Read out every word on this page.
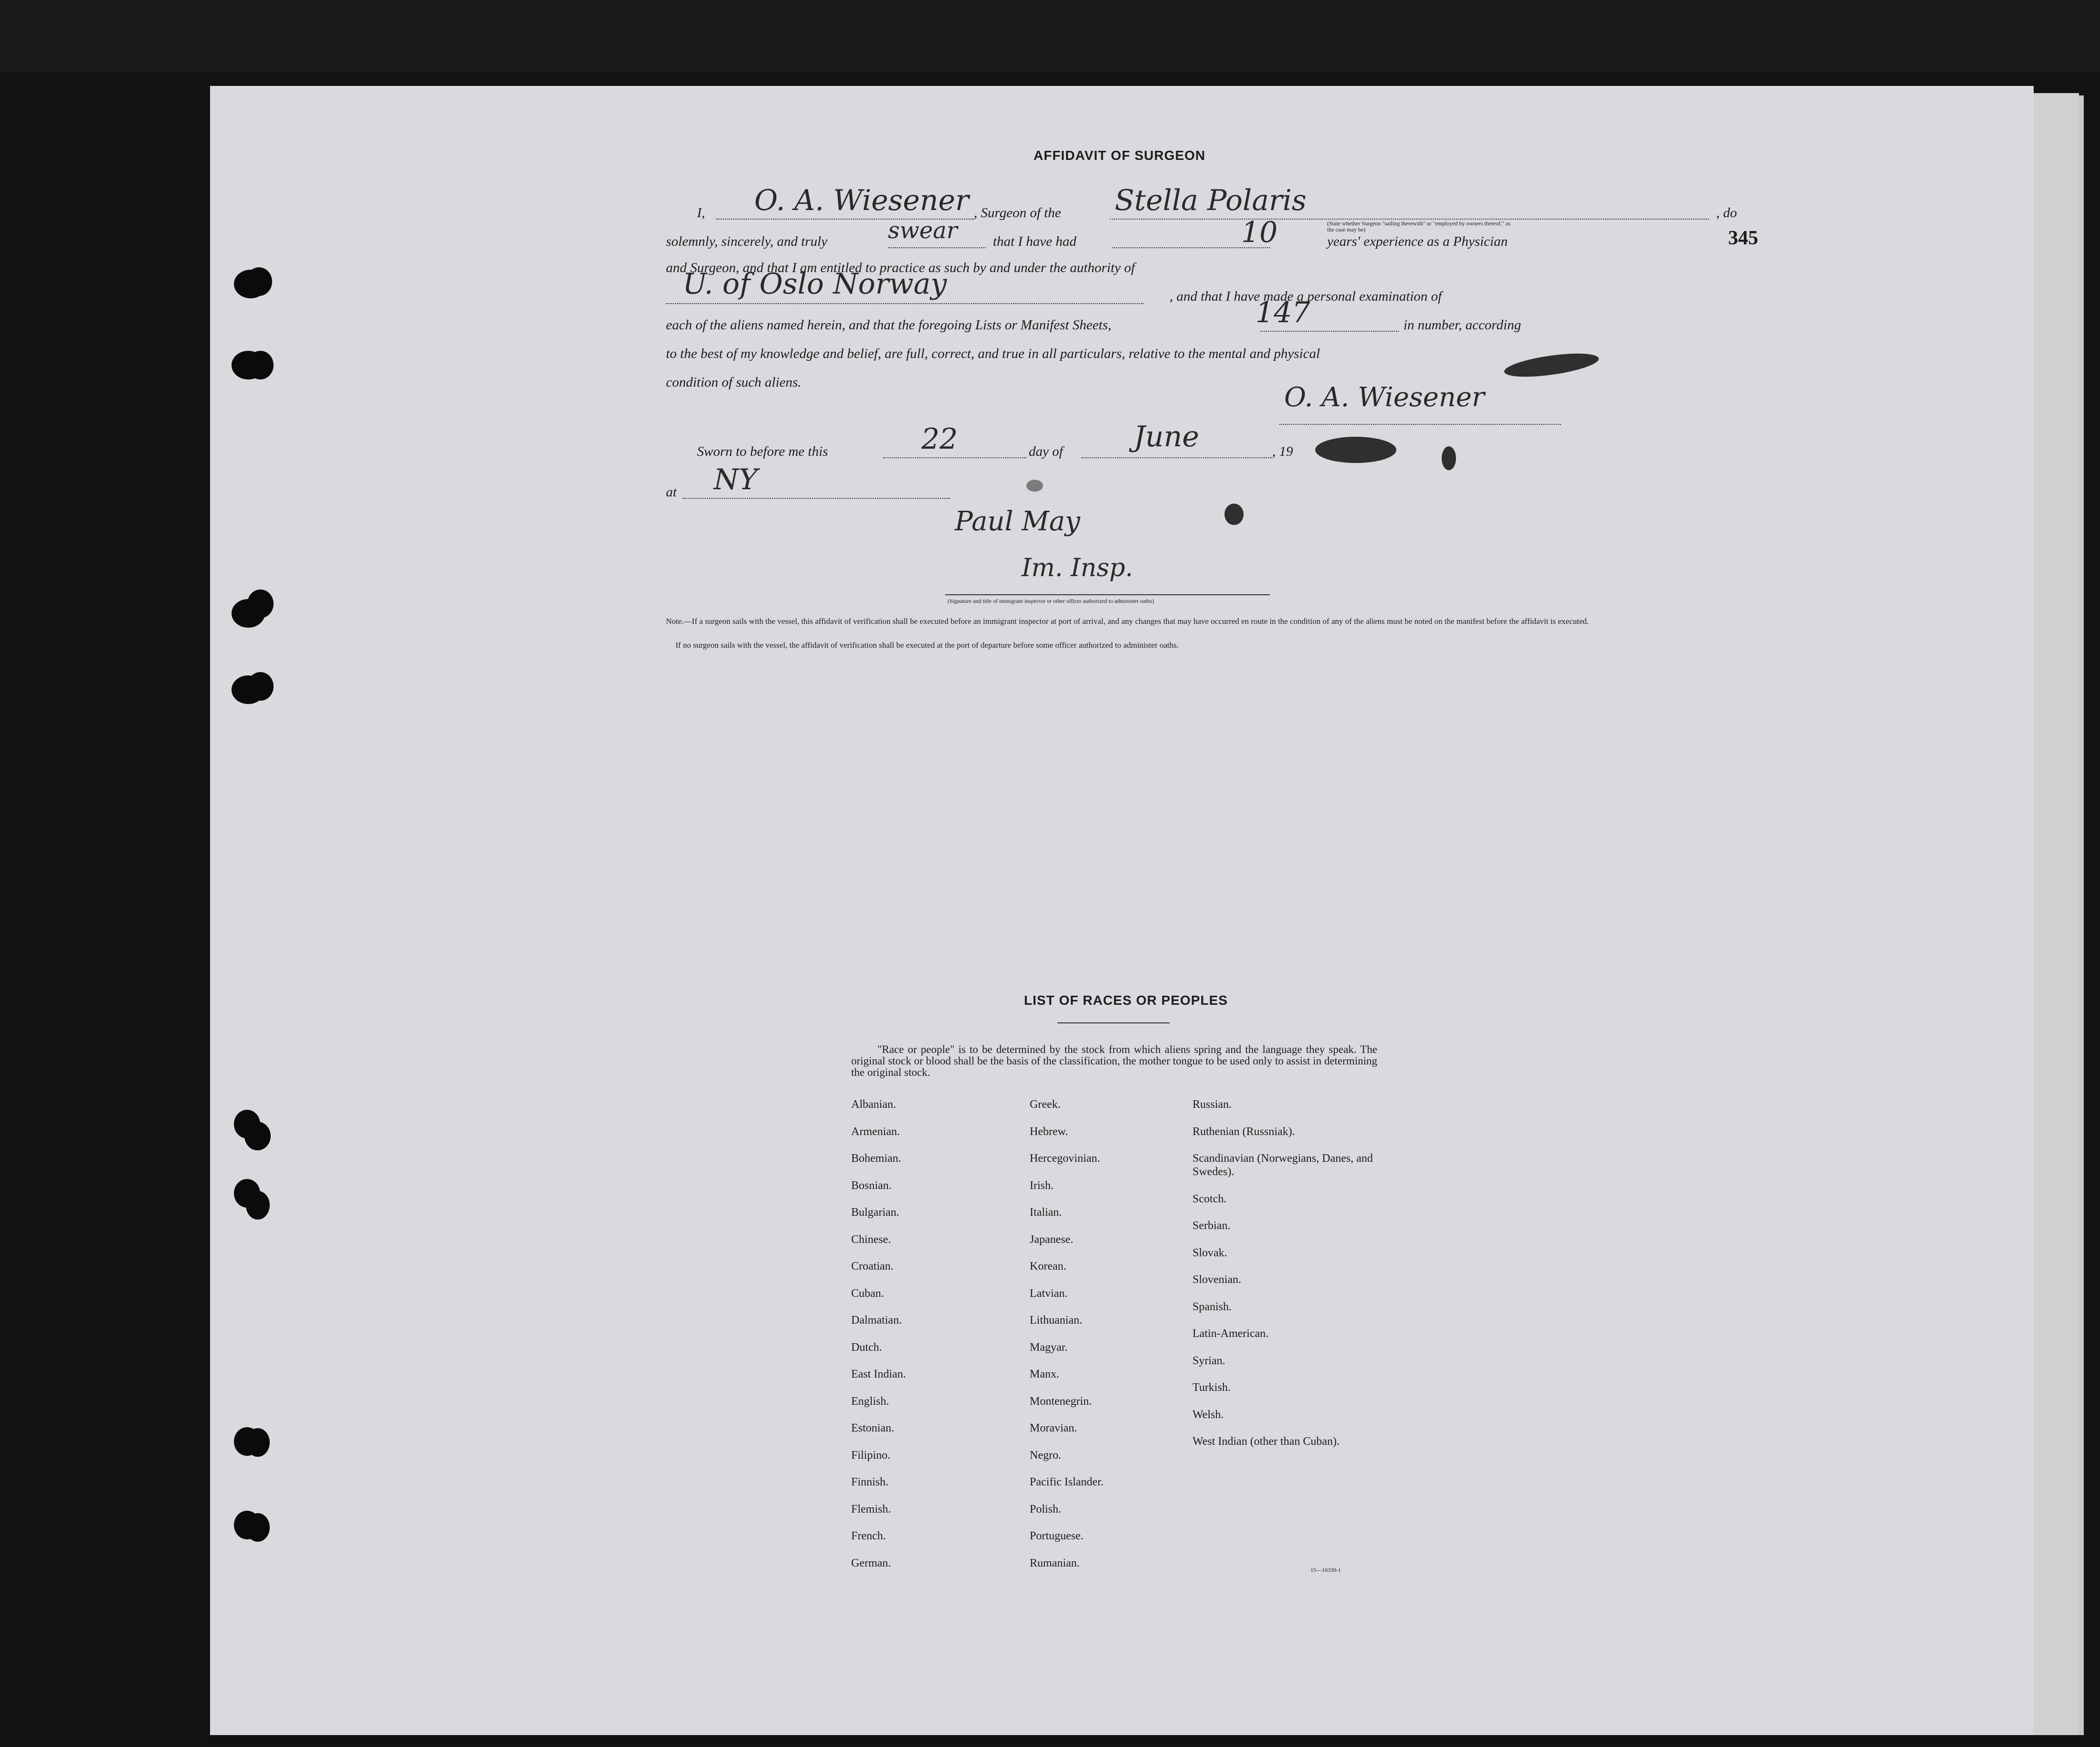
AFFIDAVIT OF SURGEON
I, O. A. Wiesener , Surgeon of the Stella Polaris
(State whether Surgeon "sailing therewith" or "employed by owners thereof," as the case may be)
, do
solemnly, sincerely, and truly	swear	that I have had	10	years' experience as a Physician
and Surgeon, and that I am entitled to practice as such by and under the authority of
U. of Oslo Norway	, and that I have made a personal examination of
each of the aliens named herein, and that the foregoing Lists or Manifest Sheets,	147	in number, according
to the best of my knowledge and belief, are full, correct, and true in all particulars, relative to the mental and physical
condition of such aliens.	O. A. Wiesener
Sworn to before me this	22	day of June	, 19
at NY
Paul May
Im. Insp.
(Signature and title of immigrant inspector or other officer authorized to administer oaths)
Note.—If a surgeon sails with the vessel, this affidavit of verification shall be executed before an immigrant inspector at port of arrival, and any changes that may have occurred en route in the condition of any of the aliens must be noted on the manifest before the affidavit is executed.
If no surgeon sails with the vessel, the affidavit of verification shall be executed at the port of departure before some officer authorized to administer oaths.
345
LIST OF RACES OR PEOPLES
"Race or people" is to be determined by the stock from which aliens spring and the language they speak. The original stock or blood shall be the basis of the classification, the mother tongue to be used only to assist in determining the original stock.
Albanian.
Armenian.
Bohemian.
Bosnian.
Bulgarian.
Chinese.
Croatian.
Cuban.
Dalmatian.
Dutch.
East Indian.
English.
Estonian.
Filipino.
Finnish.
Flemish.
French.
German.
Greek.
Hebrew.
Hercegovinian.
Irish.
Italian.
Japanese.
Korean.
Latvian.
Lithuanian.
Magyar.
Manx.
Montenegrin.
Moravian.
Negro.
Pacific Islander.
Polish.
Portuguese.
Rumanian.
Russian.
Ruthenian (Russniak).
Scandinavian (Norwegians, Danes, and Swedes).
Scotch.
Serbian.
Slovak.
Slovenian.
Spanish.
Latin-American.
Syrian.
Turkish.
Welsh.
West Indian (other than Cuban).
15—10330-1
